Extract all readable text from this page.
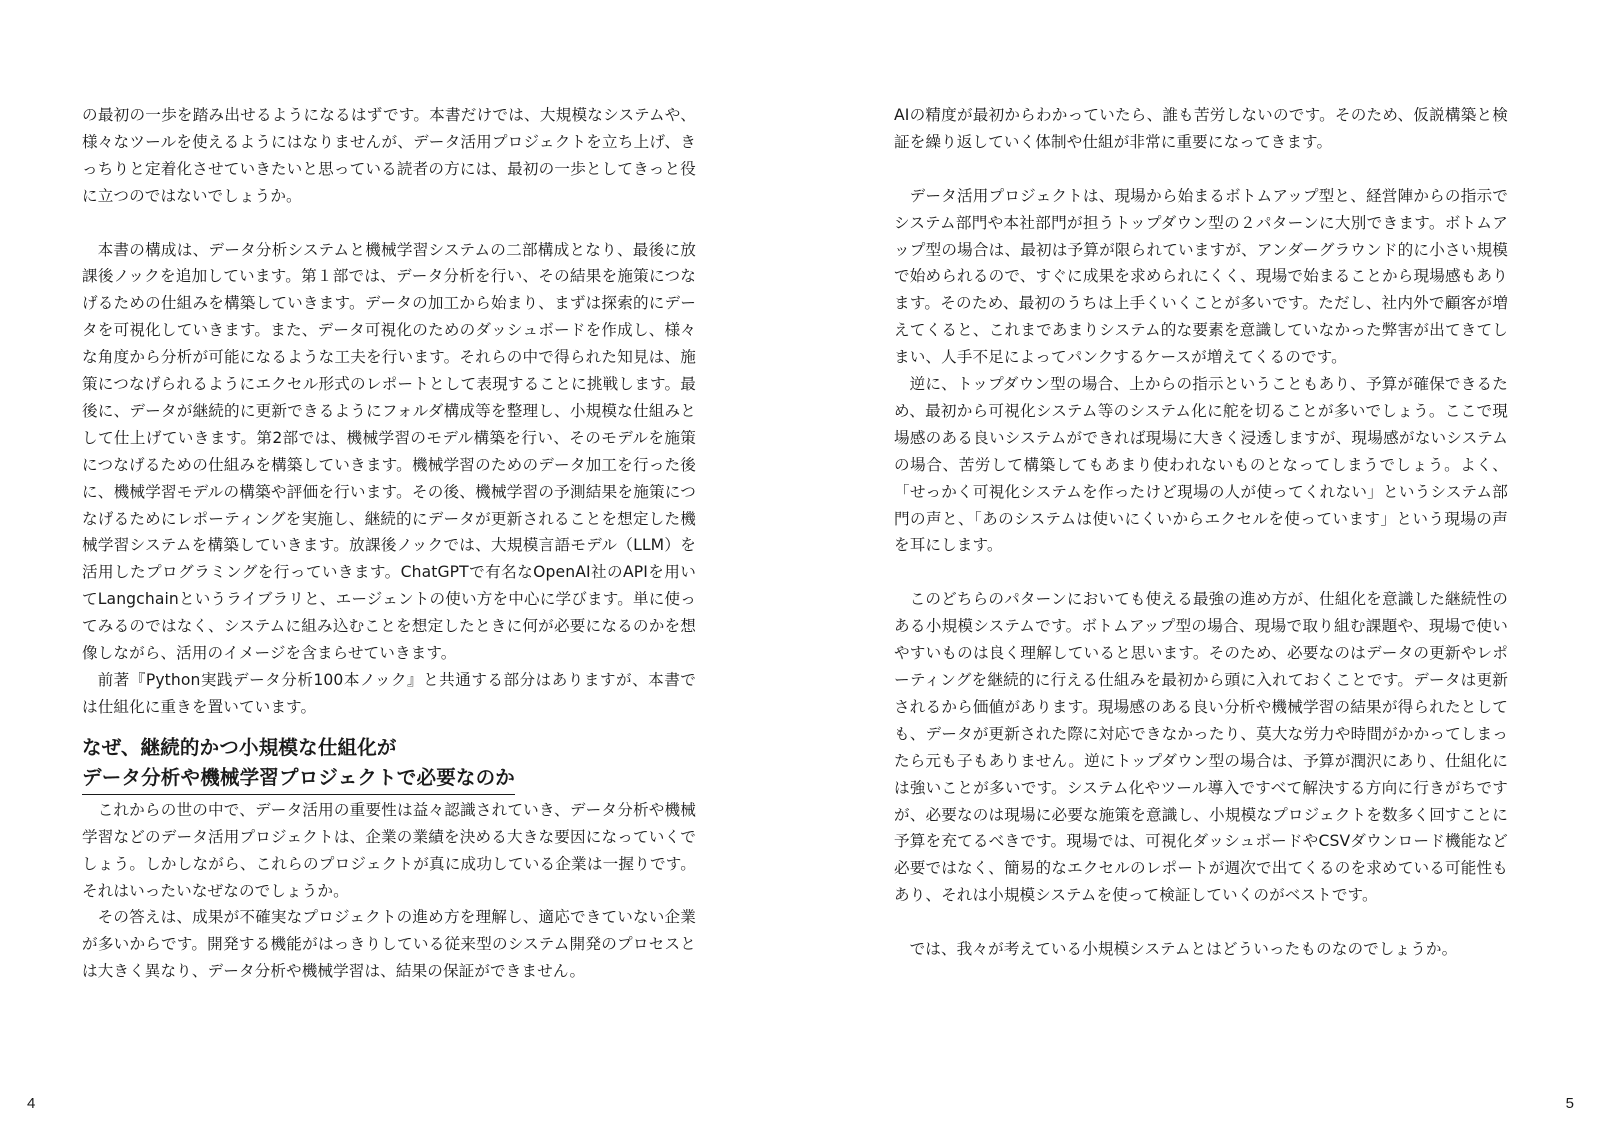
の最初の一歩を踏み出せるようになるはずです。本書だけでは、大規模なシステムや、様々なツールを使えるようにはなりませんが、データ活用プロジェクトを立ち上げ、きっちりと定着化させていきたいと思っている読者の方には、最初の一歩としてきっと役に立つのではないでしょうか。

本書の構成は、データ分析システムと機械学習システムの二部構成となり、最後に放課後ノックを追加しています。第１部では、データ分析を行い、その結果を施策につなげるための仕組みを構築していきます。データの加工から始まり、まずは探索的にデータを可視化していきます。また、データ可視化のためのダッシュボードを作成し、様々な角度から分析が可能になるような工夫を行います。それらの中で得られた知見は、施策につなげられるようにエクセル形式のレポートとして表現することに挑戦します。最後に、データが継続的に更新できるようにフォルダ構成等を整理し、小規模な仕組みとして仕上げていきます。第2部では、機械学習のモデル構築を行い、そのモデルを施策につなげるための仕組みを構築していきます。機械学習のためのデータ加工を行った後に、機械学習モデルの構築や評価を行います。その後、機械学習の予測結果を施策につなげるためにレポーティングを実施し、継続的にデータが更新されることを想定した機械学習システムを構築していきます。放課後ノックでは、大規模言語モデル（LLM）を活用したプログラミングを行っていきます。ChatGPTで有名なOpenAI社のAPIを用いてLangchainというライブラリと、エージェントの使い方を中心に学びます。単に使ってみるのではなく、システムに組み込むことを想定したときに何が必要になるのかを想像しながら、活用のイメージを含まらせていきます。

前著『Python実践データ分析100本ノック』と共通する部分はありますが、本書では仕組化に重きを置いています。

なぜ、継続的かつ小規模な仕組化が
データ分析や機械学習プロジェクトで必要なのか

これからの世の中で、データ活用の重要性は益々認識されていき、データ分析や機械学習などのデータ活用プロジェクトは、企業の業績を決める大きな要因になっていくでしょう。しかしながら、これらのプロジェクトが真に成功している企業は一握りです。それはいったいなぜなのでしょうか。

その答えは、成果が不確実なプロジェクトの進め方を理解し、適応できていない企業が多いからです。開発する機能がはっきりしている従来型のシステム開発のプロセスとは大きく異なり、データ分析や機械学習は、結果の保証ができません。

4

AIの精度が最初からわかっていたら、誰も苦労しないのです。そのため、仮説構築と検証を繰り返していく体制や仕組が非常に重要になってきます。

データ活用プロジェクトは、現場から始まるボトムアップ型と、経営陣からの指示でシステム部門や本社部門が担うトップダウン型の２パターンに大別できます。ボトムアップ型の場合は、最初は予算が限られていますが、アンダーグラウンド的に小さい規模で始められるので、すぐに成果を求められにくく、現場で始まることから現場感もあります。そのため、最初のうちは上手くいくことが多いです。ただし、社内外で顧客が増えてくると、これまであまりシステム的な要素を意識していなかった弊害が出てきてしまい、人手不足によってパンクするケースが増えてくるのです。

逆に、トップダウン型の場合、上からの指示ということもあり、予算が確保できるため、最初から可視化システム等のシステム化に舵を切ることが多いでしょう。ここで現場感のある良いシステムができれば現場に大きく浸透しますが、現場感がないシステムの場合、苦労して構築してもあまり使われないものとなってしまうでしょう。よく、「せっかく可視化システムを作ったけど現場の人が使ってくれない」というシステム部門の声と、「あのシステムは使いにくいからエクセルを使っています」という現場の声を耳にします。

このどちらのパターンにおいても使える最強の進め方が、仕組化を意識した継続性のある小規模システムです。ボトムアップ型の場合、現場で取り組む課題や、現場で使いやすいものは良く理解していると思います。そのため、必要なのはデータの更新やレポーティングを継続的に行える仕組みを最初から頭に入れておくことです。データは更新されるから価値があります。現場感のある良い分析や機械学習の結果が得られたとしても、データが更新された際に対応できなかったり、莫大な労力や時間がかかってしまったら元も子もありません。逆にトップダウン型の場合は、予算が潤沢にあり、仕組化には強いことが多いです。システム化やツール導入ですべて解決する方向に行きがちですが、必要なのは現場に必要な施策を意識し、小規模なプロジェクトを数多く回すことに予算を充てるべきです。現場では、可視化ダッシュボードやCSVダウンロード機能など必要ではなく、簡易的なエクセルのレポートが週次で出てくるのを求めている可能性もあり、それは小規模システムを使って検証していくのがベストです。

では、我々が考えている小規模システムとはどういったものなのでしょうか。

5
